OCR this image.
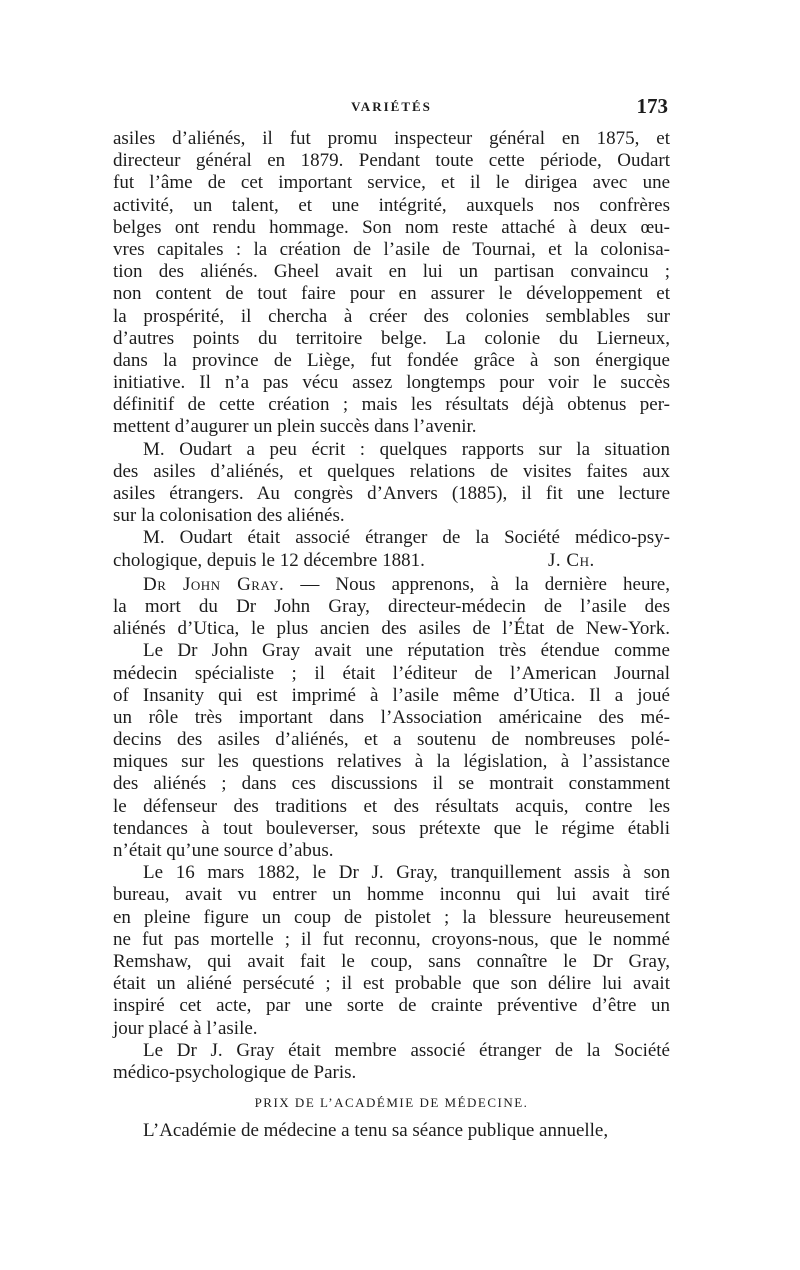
VARIÉTÉS	173
asiles d’aliénés, il fut promu inspecteur général en 1875, et
directeur général en 1879. Pendant toute cette période, Oudart
fut l’âme de cet important service, et il le dirigea avec une
activité, un talent, et une intégrité, auxquels nos confrères
belges ont rendu hommage. Son nom reste attaché à deux œu-
vres capitales : la création de l’asile de Tournai, et la colonisa-
tion des aliénés. Gheel avait en lui un partisan convaincu ;
non content de tout faire pour en assurer le développement et
la prospérité, il chercha à créer des colonies semblables sur
d’autres points du territoire belge. La colonie du Lierneux,
dans la province de Liège, fut fondée grâce à son énergique
initiative. Il n’a pas vécu assez longtemps pour voir le succès
définitif de cette création ; mais les résultats déjà obtenus per-
mettent d’augurer un plein succès dans l’avenir.
M. Oudart a peu écrit : quelques rapports sur la situation
des asiles d’aliénés, et quelques relations de visites faites aux
asiles étrangers. Au congrès d’Anvers (1885), il fit une lecture
sur la colonisation des aliénés.
M. Oudart était associé étranger de la Société médico-psy-
chologique, depuis le 12 décembre 1881.	J. Ch.
Dr John Gray. — Nous apprenons, à la dernière heure,
la mort du Dr John Gray, directeur-médecin de l’asile des
aliénés d’Utica, le plus ancien des asiles de l’État de New-York.
Le Dr John Gray avait une réputation très étendue comme
médecin spécialiste ; il était l’éditeur de l’American Journal
of Insanity qui est imprimé à l’asile même d’Utica. Il a joué
un rôle très important dans l’Association américaine des mé-
decins des asiles d’aliénés, et a soutenu de nombreuses polé-
miques sur les questions relatives à la législation, à l’assistance
des aliénés ; dans ces discussions il se montrait constamment
le défenseur des traditions et des résultats acquis, contre les
tendances à tout bouleverser, sous prétexte que le régime établi
n’était qu’une source d’abus.
Le 16 mars 1882, le Dr J. Gray, tranquillement assis à son
bureau, avait vu entrer un homme inconnu qui lui avait tiré
en pleine figure un coup de pistolet ; la blessure heureusement
ne fut pas mortelle ; il fut reconnu, croyons-nous, que le nommé
Remshaw, qui avait fait le coup, sans connaître le Dr Gray,
était un aliéné persécuté ; il est probable que son délire lui avait
inspiré cet acte, par une sorte de crainte préventive d’être un
jour placé à l’asile.
Le Dr J. Gray était membre associé étranger de la Société
médico-psychologique de Paris.
PRIX DE L’ACADÉMIE DE MÉDECINE.
L’Académie de médecine a tenu sa séance publique annuelle,
